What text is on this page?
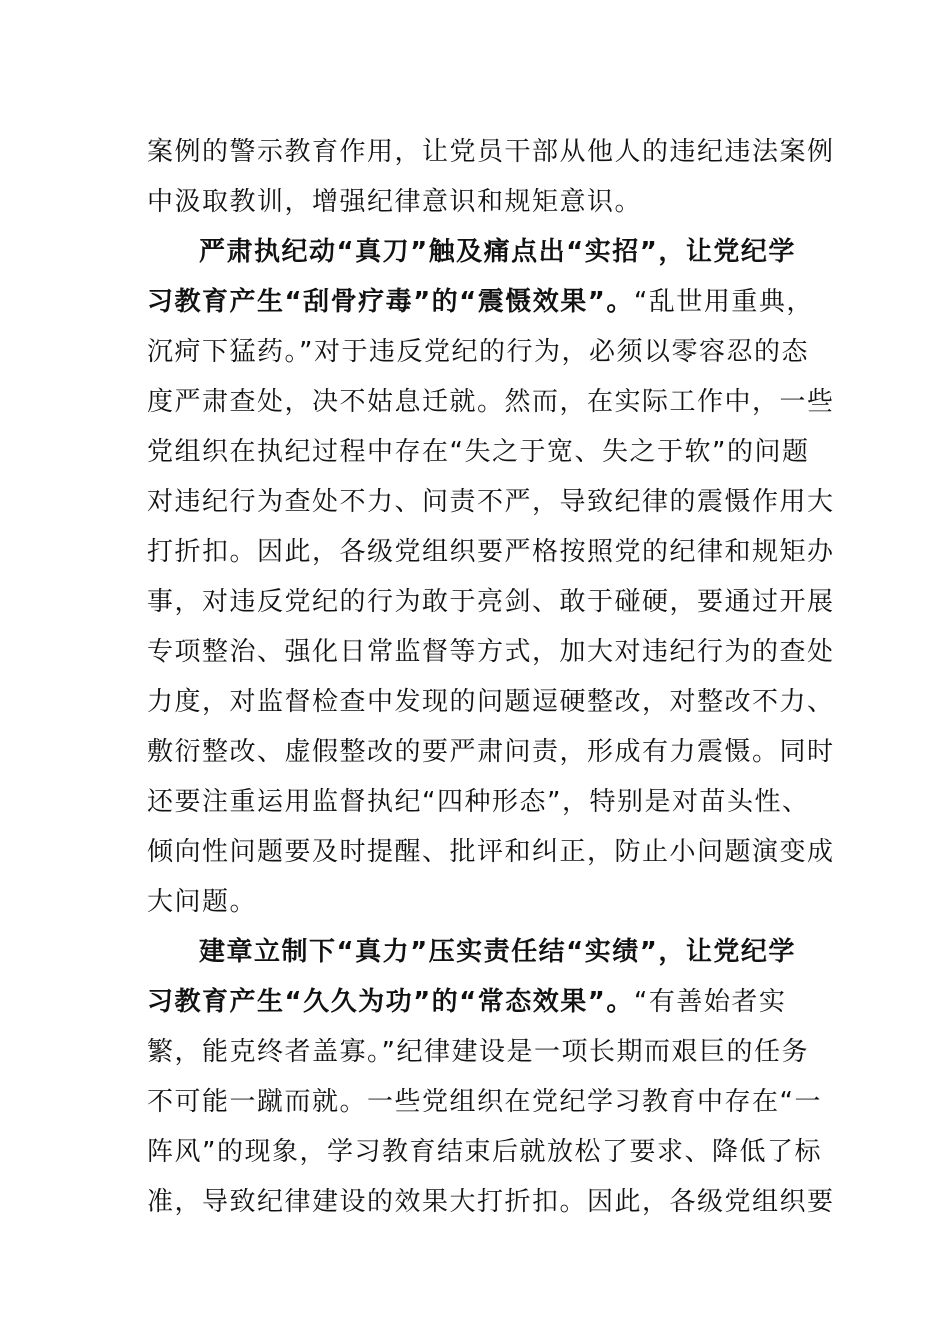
案例的警示教育作用，让党员干部从他人的违纪违法案例
中汲取教训，增强纪律意识和规矩意识。
严肃执纪动“真刀”触及痛点出“实招”，让党纪学
习教育产生“刮骨疗毒”的“震慑效果”。“乱世用重典，
沉疴下猛药。”对于违反党纪的行为，必须以零容忍的态
度严肃查处，决不姑息迁就。然而，在实际工作中，一些
党组织在执纪过程中存在“失之于宽、失之于软”的问题
对违纪行为查处不力、问责不严，导致纪律的震慑作用大
打折扣。因此，各级党组织要严格按照党的纪律和规矩办
事，对违反党纪的行为敢于亮剑、敢于碰硬，要通过开展
专项整治、强化日常监督等方式，加大对违纪行为的查处
力度，对监督检查中发现的问题逗硬整改，对整改不力、
敷衍整改、虚假整改的要严肃问责，形成有力震慑。同时
还要注重运用监督执纪“四种形态”，特别是对苗头性、
倾向性问题要及时提醒、批评和纠正，防止小问题演变成
大问题。
建章立制下“真力”压实责任结“实绩”，让党纪学
习教育产生“久久为功”的“常态效果”。“有善始者实
繁，能克终者盖寡。”纪律建设是一项长期而艰巨的任务
不可能一蹴而就。一些党组织在党纪学习教育中存在“一
阵风”的现象，学习教育结束后就放松了要求、降低了标
准，导致纪律建设的效果大打折扣。因此，各级党组织要
